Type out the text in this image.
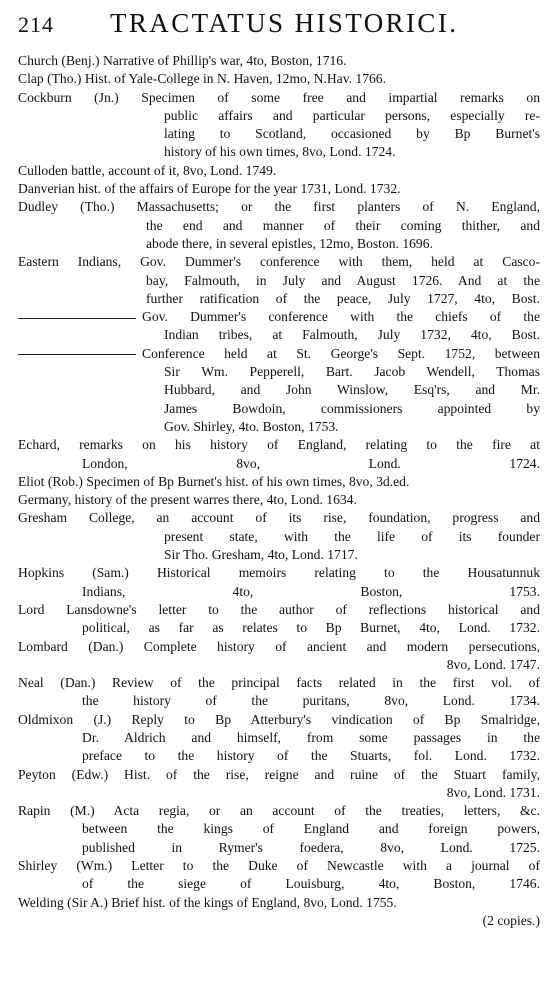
214 TRACTATUS HISTORICI.
Church (Benj.) Narrative of Phillip's war, 4to, Boston, 1716.
Clap (Tho.) Hist. of Yale-College in N. Haven, 12mo, N.Hav. 1766.
Cockburn (Jn.) Specimen of some free and impartial remarks on
public affairs and particular persons, especially re-
lating to Scotland, occasioned by Bp Burnet's
history of his own times, 8vo, Lond. 1724.
Culloden battle, account of it, 8vo, Lond. 1749.
Danverian hist. of the affairs of Europe for the year 1731, Lond. 1732.
Dudley (Tho.) Massachusetts; or the first planters of N. England,
the end and manner of their coming thither, and
abode there, in several epistles, 12mo, Boston. 1696.
Eastern Indians, Gov. Dummer's conference with them, held at Casco-
bay, Falmouth, in July and August 1726. And at the
further ratification of the peace, July 1727, 4to, Bost.
Gov. Dummer's conference with the chiefs of the
Indian tribes, at Falmouth, July 1732, 4to, Bost.
Conference held at St. George's Sept. 1752, between
Sir Wm. Pepperell, Bart. Jacob Wendell, Thomas
Hubbard, and John Winslow, Esq'rs, and Mr.
James Bowdoin, commissioners appointed by
Gov. Shirley, 4to. Boston, 1753.
Echard, remarks on his history of England, relating to the fire at
London, 8vo, Lond. 1724.
Eliot (Rob.) Specimen of Bp Burnet's hist. of his own times, 8vo, 3d.ed.
Germany, history of the present warres there, 4to, Lond. 1634.
Gresham College, an account of its rise, foundation, progress and
present state, with the life of its founder
Sir Tho. Gresham, 4to, Lond. 1717.
Hopkins (Sam.) Historical memoirs relating to the Housatunnuk
Indians, 4to, Boston, 1753.
Lord Lansdowne's letter to the author of reflections historical and
political, as far as relates to Bp Burnet, 4to, Lond. 1732.
Lombard (Dan.) Complete history of ancient and modern persecutions,
8vo, Lond. 1747.
Neal (Dan.) Review of the principal facts related in the first vol. of
the history of the puritans, 8vo, Lond. 1734.
Oldmixon (J.) Reply to Bp Atterbury's vindication of Bp Smalridge,
Dr. Aldrich and himself, from some passages in the
preface to the history of the Stuarts, fol. Lond. 1732.
Peyton (Edw.) Hist. of the rise, reigne and ruine of the Stuart family,
8vo, Lond. 1731.
Rapin (M.) Acta regia, or an account of the treaties, letters, &c.
between the kings of England and foreign powers,
published in Rymer's foedera, 8vo, Lond. 1725.
Shirley (Wm.) Letter to the Duke of Newcastle with a journal of
of the siege of Louisburg, 4to, Boston, 1746.
Welding (Sir A.) Brief hist. of the kings of England, 8vo, Lond. 1755.
(2 copies.)
